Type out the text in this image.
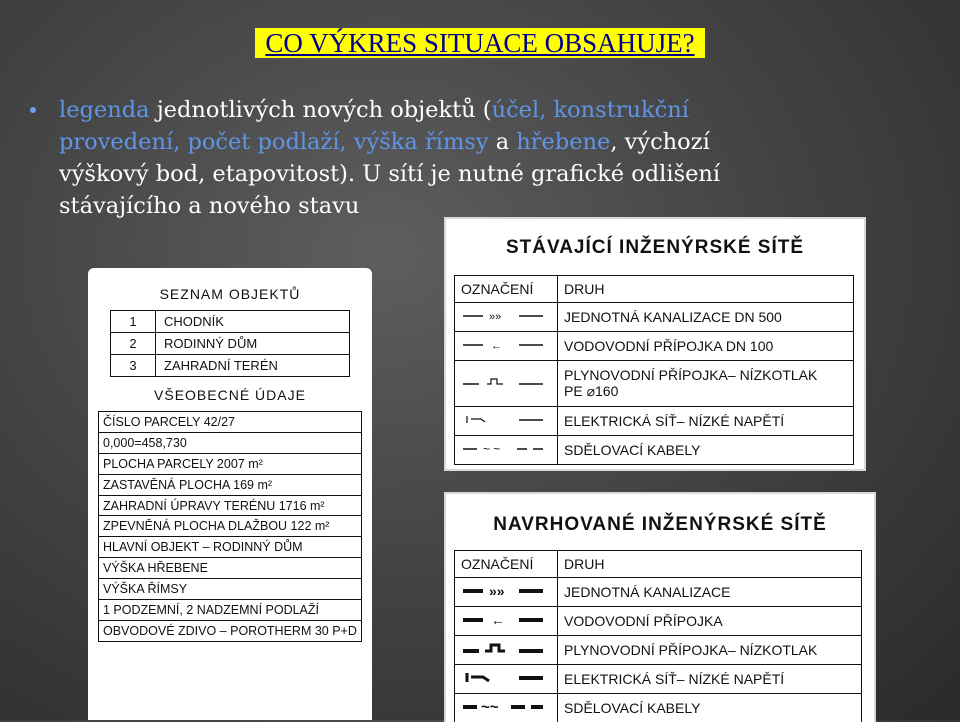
CO VÝKRES SITUACE OBSAHUJE?
legenda jednotlivých nových objektů (účel, konstrukční
provedení, počet podlaží, výška římsy a hřebene, výchozí
výškový bod, etapovitost). U sítí je nutné grafické odlišení
stávajícího a nového stavu
SEZNAM OBJEKTŮ
1	CHODNÍK
2	RODINNÝ DŮM
3	ZAHRADNÍ TERÉN
VŠEOBECNÉ ÚDAJE
ČÍSLO PARCELY 42/27
0,000=458,730
PLOCHA PARCELY 2007 m²
ZASTAVĚNÁ PLOCHA 169 m²
ZAHRADNÍ ÚPRAVY TERÉNU 1716 m²
ZPEVNĚNÁ PLOCHA DLAŽBOU 122 m²
HLAVNÍ OBJEKT – RODINNÝ DŮM
VÝŠKA HŘEBENE
VÝŠKA ŘÍMSY
1 PODZEMNÍ, 2 NADZEMNÍ PODLAŽÍ
OBVODOVÉ ZDIVO – POROTHERM 30 P+D
STÁVAJÍCÍ INŽENÝRSKÉ SÍTĚ
OZNAČENÍ	DRUH

»»	JEDNOTNÁ KANALIZACE DN 500

←	VODOVODNÍ PŘÍPOJKA DN 100

PLYNOVODNÍ PŘÍPOJKA– NÍZKOTLAK
PE ⌀160

	ELEKTRICKÁ SÍŤ– NÍZKÉ NAPĚTÍ

~ ~	SDĚLOVACÍ KABELY
NAVRHOVANÉ INŽENÝRSKÉ SÍTĚ
OZNAČENÍ	DRUH

»»	JEDNOTNÁ KANALIZACE

←	VODOVODNÍ PŘÍPOJKA
	PLYNOVODNÍ PŘÍPOJKA– NÍZKOTLAK
	ELEKTRICKÁ SÍŤ– NÍZKÉ NAPĚTÍ

~~	SDĚLOVACÍ KABELY
